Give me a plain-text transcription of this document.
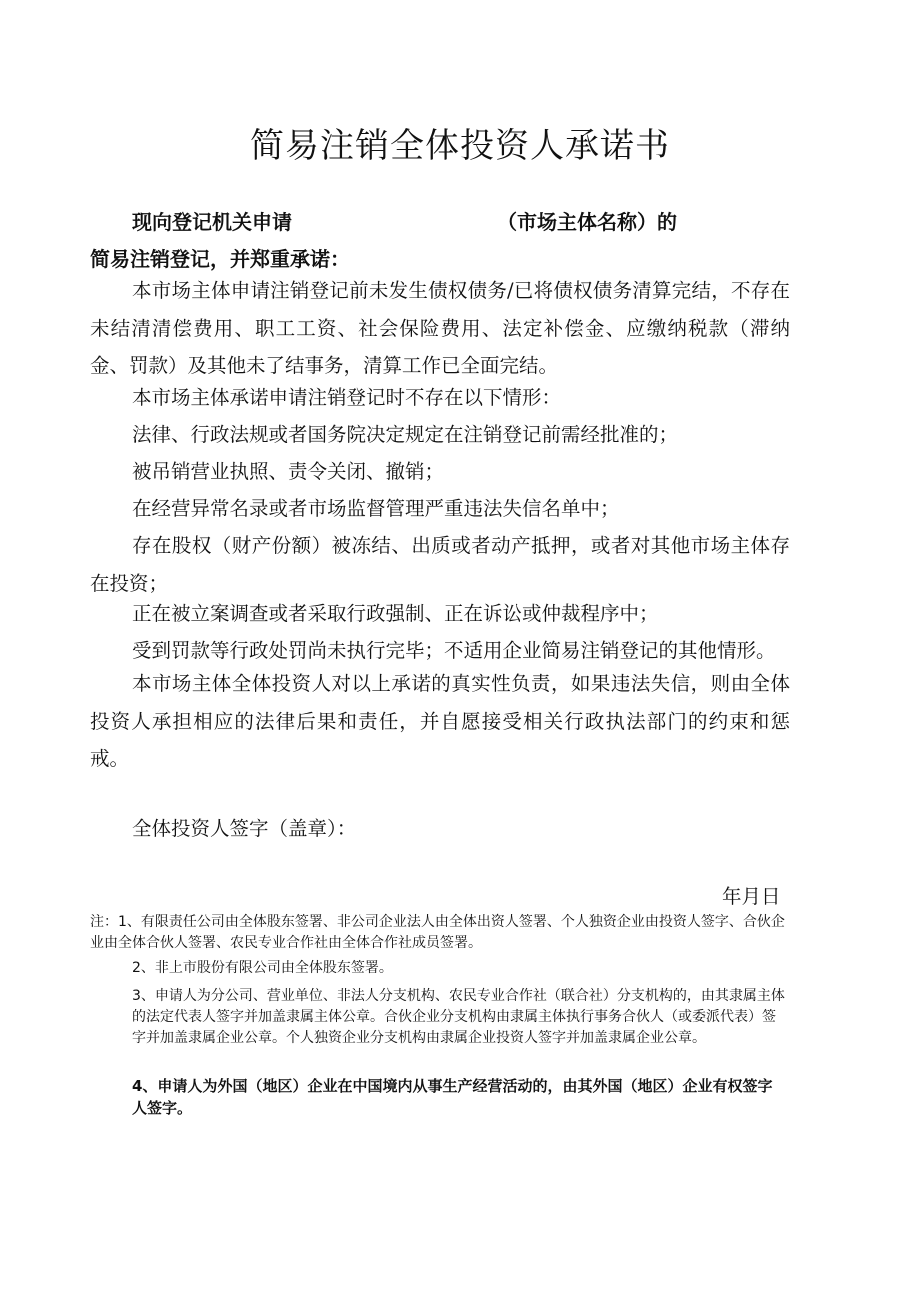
简易注销全体投资人承诺书
现向登记机关申请	（市场主体名称）的
简易注销登记，并郑重承诺：
本市场主体申请注销登记前未发生债权债务/已将债权债务清算完结，不存在未结清清偿费用、职工工资、社会保险费用、法定补偿金、应缴纳税款（滞纳金、罚款）及其他未了结事务，清算工作已全面完结。
本市场主体承诺申请注销登记时不存在以下情形：
法律、行政法规或者国务院决定规定在注销登记前需经批准的；
被吊销营业执照、责令关闭、撤销；
在经营异常名录或者市场监督管理严重违法失信名单中；
存在股权（财产份额）被冻结、出质或者动产抵押，或者对其他市场主体存在投资；
正在被立案调查或者采取行政强制、正在诉讼或仲裁程序中；
受到罚款等行政处罚尚未执行完毕；不适用企业简易注销登记的其他情形。
本市场主体全体投资人对以上承诺的真实性负责，如果违法失信，则由全体投资人承担相应的法律后果和责任，并自愿接受相关行政执法部门的约束和惩戒。
全体投资人签字（盖章）：
年月日
注：1、有限责任公司由全体股东签署、非公司企业法人由全体出资人签署、个人独资企业由投资人签字、合伙企业由全体合伙人签署、农民专业合作社由全体合作社成员签署。
2、非上市股份有限公司由全体股东签署。
3、申请人为分公司、营业单位、非法人分支机构、农民专业合作社（联合社）分支机构的，由其隶属主体的法定代表人签字并加盖隶属主体公章。合伙企业分支机构由隶属主体执行事务合伙人（或委派代表）签字并加盖隶属企业公章。个人独资企业分支机构由隶属企业投资人签字并加盖隶属企业公章。
4、申请人为外国（地区）企业在中国境内从事生产经营活动的，由其外国（地区）企业有权签字人签字。
